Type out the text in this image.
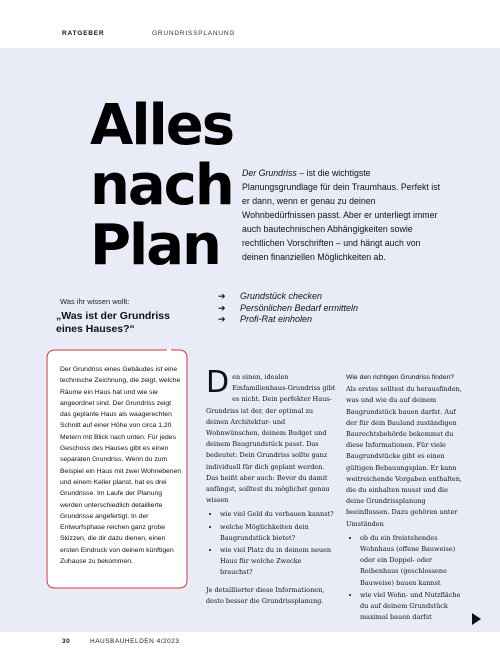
RATGEBER	GRUNDRISSPLANUNG
Alles nach Plan

Der Grundriss – ist die wichtigste Planungsgrundlage für dein Traumhaus. Perfekt ist er dann, wenn er genau zu deinen Wohnbedürfnissen passt. Aber er unterliegt immer auch bautechnischen Abhängigkeiten sowie rechtlichen Vorschriften – und hängt auch von deinen finanziellen Möglichkeiten ab.

Was ihr wissen wollt:
„Was ist der Grundriss eines Hauses?“
➔ Grundstück checken
➔ Persönlichen Bedarf ermitteln
➔ Profi-Rat einholen

Der Grundriss eines Gebäudes ist eine technische Zeichnung, die zeigt, welche Räume ein Haus hat und wie sie angeordnet sind. Der Grundriss zeigt das geplante Haus als waagerechten Schnitt auf einer Höhe von circa 1,20 Metern mit Blick nach unten. Für jedes Geschoss des Hauses gibt es einen separaten Grundriss. Wenn du zum Beispiel ein Haus mit zwei Wohnebenen und einem Keller planst, hat es drei Grundrisse. Im Laufe der Planung werden unterschiedlich detaillierte Grundrisse angefertigt. In der Entwurfsphase reichen ganz grobe Skizzen, die dir dazu dienen, einen ersten Eindruck von deinem künftigen Zuhause zu bekommen.

D en einen, idealen Einfamilienhaus-Grundriss gibt es nicht. Dein perfekter Haus-Grundriss ist der, der optimal zu deinen Architektur- und Wohnwünschen, deinem Budget und deinem Baugrundstück passt. Das bedeutet: Dein Grundriss sollte ganz individuell für dich geplant werden. Das heißt aber auch: Bevor du damit anfängst, solltest du möglichst genau wissen
• wie viel Geld du verbauen kannst?
• welche Möglichkeiten dein Baugrundstück bietet?
• wie viel Platz du in deinem neuen Haus für welche Zwecke brauchst?
Je detaillierter diese Informationen, desto besser die Grundrissplanung.
Wie den richtigen Grundriss finden?
Als erstes solltest du herausfinden, was und wie du auf deinem Baugrundstück bauen darfst. Auf der für dein Bauland zuständigen Baurechtsbehörde bekommst du diese Informationen. Für viele Baugrundstücke gibt es einen gültigen Bebauungsplan. Er kann weitreichende Vorgaben enthalten, die du einhalten musst und die deine Grundrissplanung beeinflussen. Dazu gehören unter Umständen
• ob du ein freistehendes Wohnhaus (offene Bauweise) oder ein Doppel- oder Reihenhaus (geschlossene Bauweise) bauen kannst
• wie viel Wohn- und Nutzfläche du auf deinem Grundstück maximal bauen darfst
30	HAUSBAUHELDEN 4/2023
